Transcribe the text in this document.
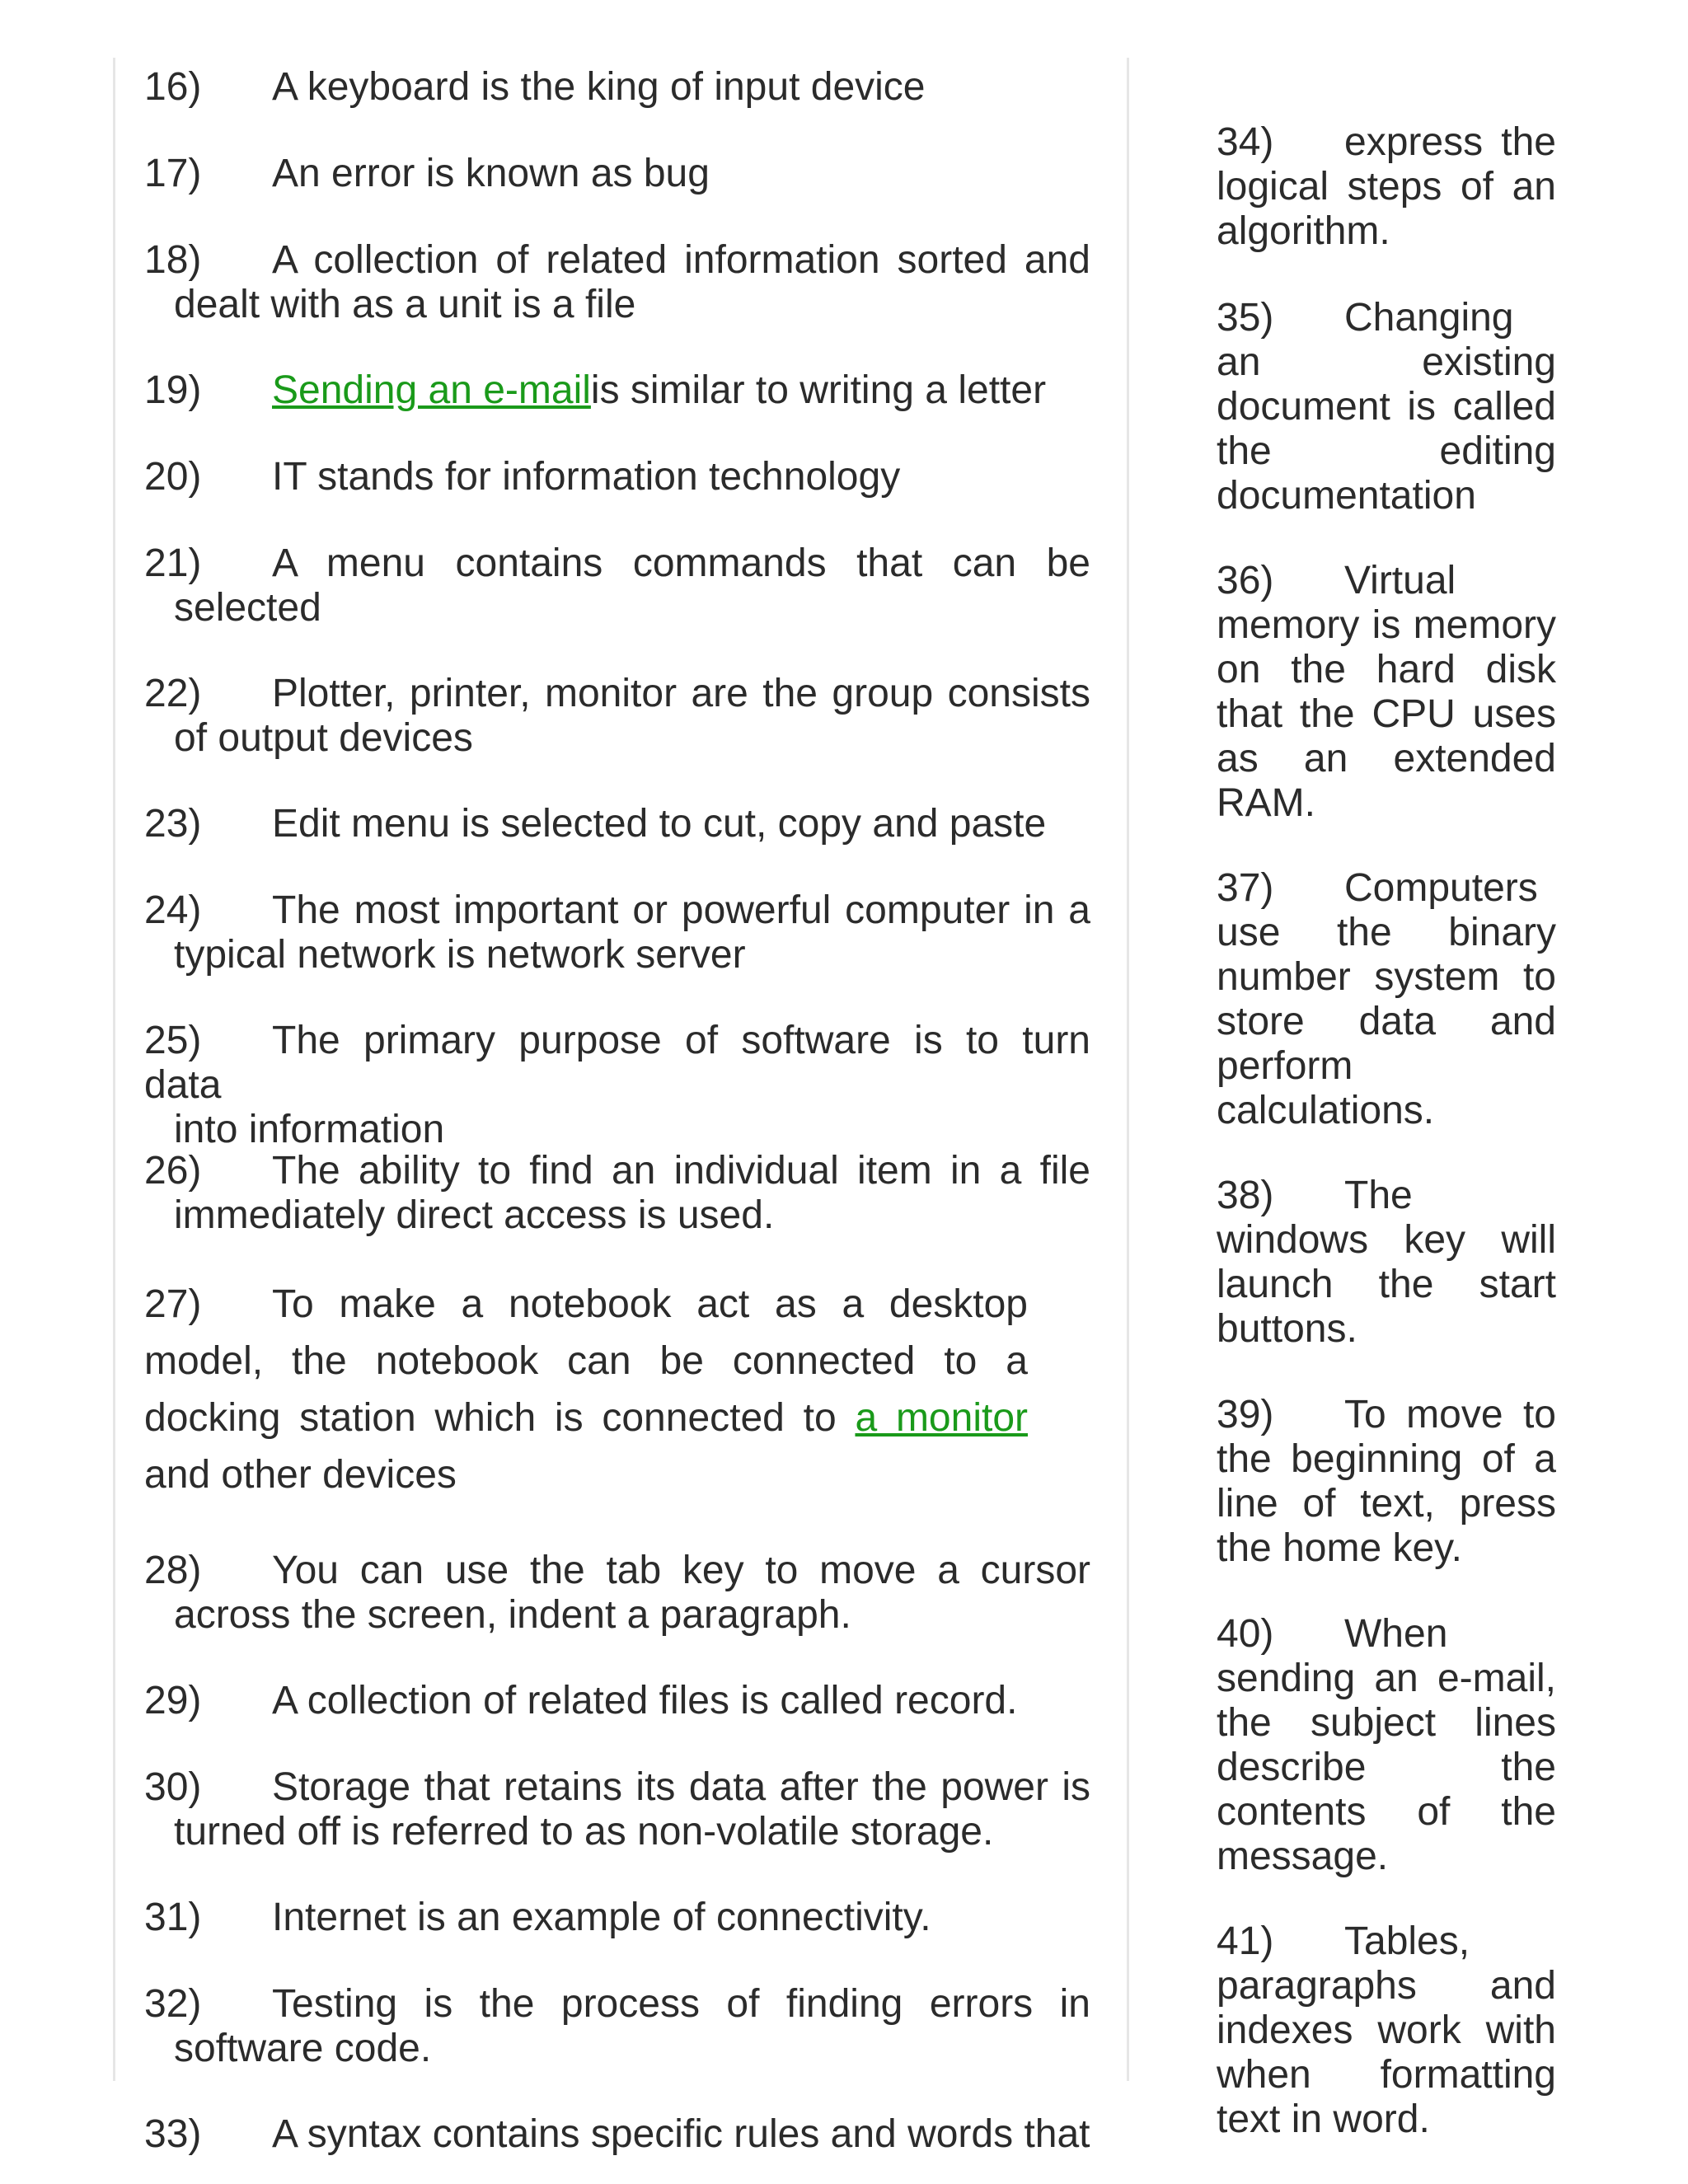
16) A keyboard is the king of input device
17) An error is known as bug
18) A collection of related information sorted and
dealt with as a unit is a file
19) Sending an e-mailis similar to writing a letter
20) IT stands for information technology
21) A menu contains commands that can be
selected
22) Plotter, printer, monitor are the group consists
of output devices
23) Edit menu is selected to cut, copy and paste
24) The most important or powerful computer in a
typical network is network server
25) The primary purpose of software is to turn data
into information
26) The ability to find an individual item in a file
immediately direct access is used.
27) To make a notebook act as a desktop model, the notebook can be connected to a docking station which is connected to a monitor and other devices
28) You can use the tab key to move a cursor
across the screen, indent a paragraph.
29) A collection of related files is called record.
30) Storage that retains its data after the power is
turned off is referred to as non-volatile storage.
31) Internet is an example of connectivity.
32) Testing is the process of finding errors in
software code.
33) A syntax contains specific rules and words that
34) express the logical steps of an algorithm.
35) Changing an existing document is called the editing documentation
36) Virtual memory is memory on the hard disk that the CPU uses as an extended RAM.
37) Computers use the binary number system to store data and perform calculations.
38) The windows key will launch the start buttons.
39) To move to the beginning of a line of text, press the home key.
40) When sending an e-mail, the subject lines describe the contents of the message.
41) Tables, paragraphs and indexes work with when formatting text in word.
